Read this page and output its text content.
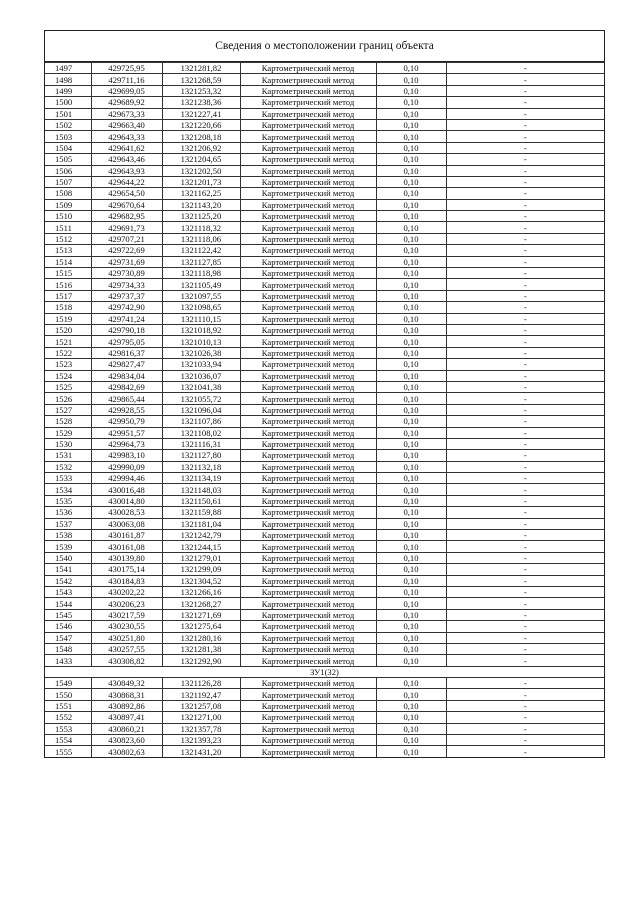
Сведения о местоположении границ объекта
1497	429725,95	1321281,82	Картометрический метод	0,10	-
1498	429711,16	1321268,59	Картометрический метод	0,10	-
1499	429699,05	1321253,32	Картометрический метод	0,10	-
1500	429689,92	1321238,36	Картометрический метод	0,10	-
1501	429673,33	1321227,41	Картометрический метод	0,10	-
1502	429663,40	1321220,66	Картометрический метод	0,10	-
1503	429643,33	1321208,18	Картометрический метод	0,10	-
1504	429641,62	1321206,92	Картометрический метод	0,10	-
1505	429643,46	1321204,65	Картометрический метод	0,10	-
1506	429643,93	1321202,50	Картометрический метод	0,10	-
1507	429644,22	1321201,73	Картометрический метод	0,10	-
1508	429654,50	1321162,25	Картометрический метод	0,10	-
1509	429670,64	1321143,20	Картометрический метод	0,10	-
1510	429682,95	1321125,20	Картометрический метод	0,10	-
1511	429691,73	1321118,32	Картометрический метод	0,10	-
1512	429707,21	1321118,06	Картометрический метод	0,10	-
1513	429722,69	1321122,42	Картометрический метод	0,10	-
1514	429731,69	1321127,85	Картометрический метод	0,10	-
1515	429730,89	1321118,98	Картометрический метод	0,10	-
1516	429734,33	1321105,49	Картометрический метод	0,10	-
1517	429737,37	1321097,55	Картометрический метод	0,10	-
1518	429742,90	1321098,65	Картометрический метод	0,10	-
1519	429741,24	1321110,15	Картометрический метод	0,10	-
1520	429790,18	1321018,92	Картометрический метод	0,10	-
1521	429795,05	1321010,13	Картометрический метод	0,10	-
1522	429816,37	1321026,38	Картометрический метод	0,10	-
1523	429827,47	1321033,94	Картометрический метод	0,10	-
1524	429834,04	1321036,07	Картометрический метод	0,10	-
1525	429842,69	1321041,38	Картометрический метод	0,10	-
1526	429865,44	1321055,72	Картометрический метод	0,10	-
1527	429928,55	1321096,04	Картометрический метод	0,10	-
1528	429950,79	1321107,86	Картометрический метод	0,10	-
1529	429951,57	1321108,02	Картометрический метод	0,10	-
1530	429964,73	1321116,31	Картометрический метод	0,10	-
1531	429983,10	1321127,80	Картометрический метод	0,10	-
1532	429990,09	1321132,18	Картометрический метод	0,10	-
1533	429994,46	1321134,19	Картометрический метод	0,10	-
1534	430016,48	1321148,03	Картометрический метод	0,10	-
1535	430014,80	1321150,61	Картометрический метод	0,10	-
1536	430028,53	1321159,88	Картометрический метод	0,10	-
1537	430063,08	1321181,04	Картометрический метод	0,10	-
1538	430161,87	1321242,79	Картометрический метод	0,10	-
1539	430161,08	1321244,15	Картометрический метод	0,10	-
1540	430139,80	1321279,01	Картометрический метод	0,10	-
1541	430175,14	1321299,09	Картометрический метод	0,10	-
1542	430184,83	1321304,52	Картометрический метод	0,10	-
1543	430202,22	1321266,16	Картометрический метод	0,10	-
1544	430206,23	1321268,27	Картометрический метод	0,10	-
1545	430217,59	1321271,69	Картометрический метод	0,10	-
1546	430230,55	1321275,64	Картометрический метод	0,10	-
1547	430251,80	1321280,16	Картометрический метод	0,10	-
1548	430257,55	1321281,38	Картометрический метод	0,10	-
1433	430308,82	1321292,90	Картометрический метод	0,10	-
ЗУ1(32)					
1549	430849,32	1321126,28	Картометрический метод	0,10	-
1550	430868,31	1321192,47	Картометрический метод	0,10	-
1551	430892,86	1321257,08	Картометрический метод	0,10	-
1552	430897,41	1321271,00	Картометрический метод	0,10	-
1553	430860,21	1321357,78	Картометрический метод	0,10	-
1554	430823,60	1321393,23	Картометрический метод	0,10	-
1555	430802,63	1321431,20	Картометрический метод	0,10	-
